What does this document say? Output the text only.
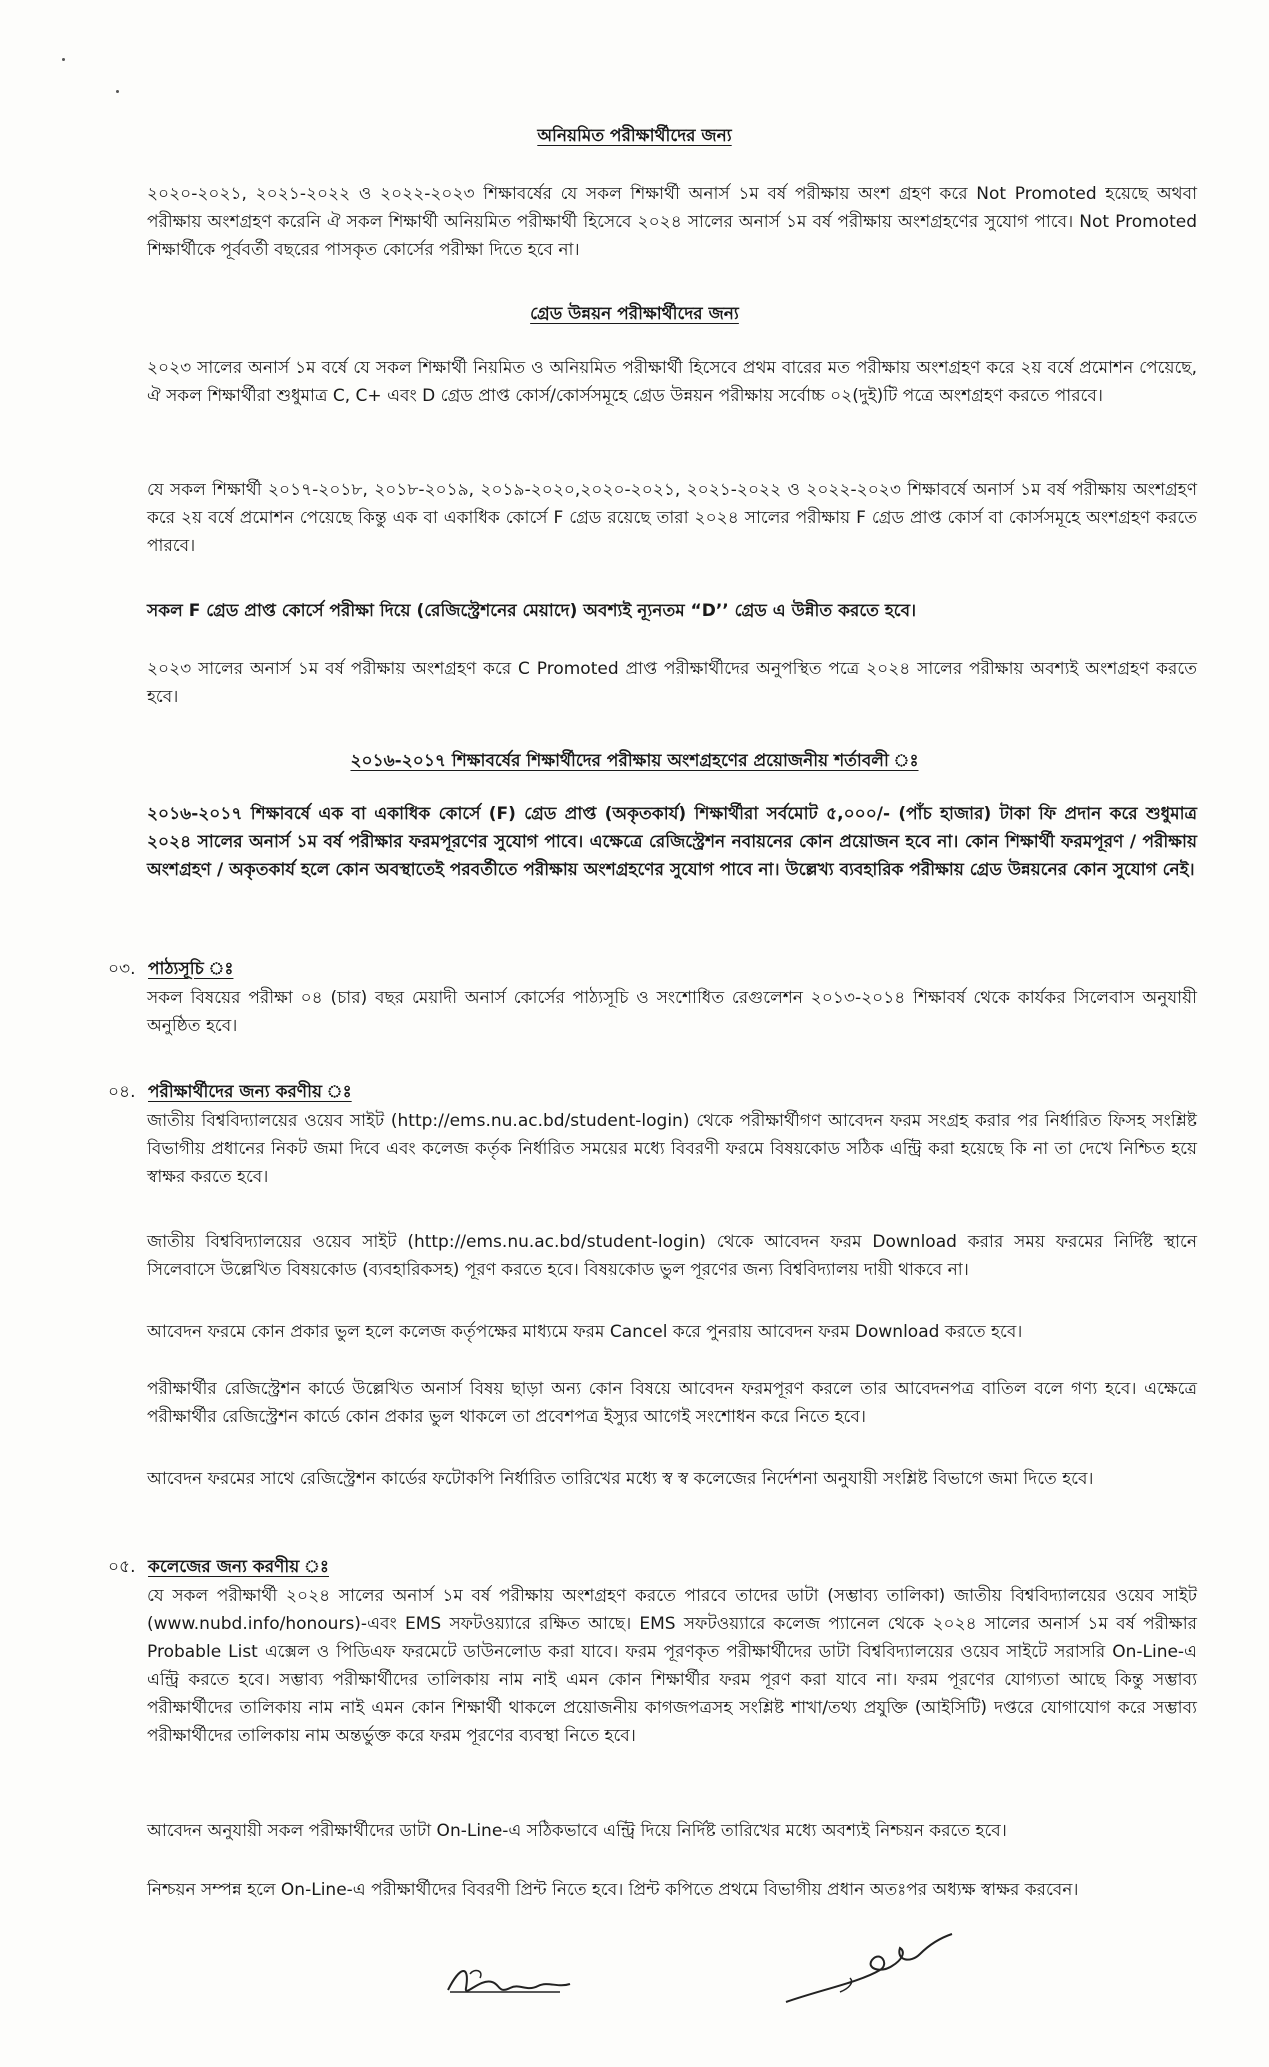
অনিয়মিত পরীক্ষার্থীদের জন্য
২০২০-২০২১, ২০২১-২০২২ ও ২০২২-২০২৩ শিক্ষাবর্ষের যে সকল শিক্ষার্থী অনার্স ১ম বর্ষ পরীক্ষায় অংশ গ্রহণ করে Not Promoted হয়েছে অথবা পরীক্ষায় অংশগ্রহণ করেনি ঐ সকল শিক্ষার্থী অনিয়মিত পরীক্ষার্থী হিসেবে ২০২৪ সালের অনার্স ১ম বর্ষ পরীক্ষায় অংশগ্রহণের সুযোগ পাবে। Not Promoted শিক্ষার্থীকে পূর্ববর্তী বছরের পাসকৃত কোর্সের পরীক্ষা দিতে হবে না।
গ্রেড উন্নয়ন পরীক্ষার্থীদের জন্য
২০২৩ সালের অনার্স ১ম বর্ষে যে সকল শিক্ষার্থী নিয়মিত ও অনিয়মিত পরীক্ষার্থী হিসেবে প্রথম বারের মত পরীক্ষায় অংশগ্রহণ করে ২য় বর্ষে প্রমোশন পেয়েছে, ঐ সকল শিক্ষার্থীরা শুধুমাত্র C, C+ এবং D গ্রেড প্রাপ্ত কোর্স/কোর্সসমূহে গ্রেড উন্নয়ন পরীক্ষায় সর্বোচ্চ ০২(দুই)টি পত্রে অংশগ্রহণ করতে পারবে।
যে সকল শিক্ষার্থী ২০১৭-২০১৮, ২০১৮-২০১৯, ২০১৯-২০২০,২০২০-২০২১, ২০২১-২০২২ ও ২০২২-২০২৩ শিক্ষাবর্ষে অনার্স ১ম বর্ষ পরীক্ষায় অংশগ্রহণ করে ২য় বর্ষে প্রমোশন পেয়েছে কিন্তু এক বা একাধিক কোর্সে F গ্রেড রয়েছে তারা ২০২৪ সালের পরীক্ষায় F গ্রেড প্রাপ্ত কোর্স বা কোর্সসমূহে অংশগ্রহণ করতে পারবে।
সকল F গ্রেড প্রাপ্ত কোর্সে পরীক্ষা দিয়ে (রেজিস্ট্রেশনের মেয়াদে) অবশ্যই ন্যূনতম “D’’ গ্রেড এ উন্নীত করতে হবে।
২০২৩ সালের অনার্স ১ম বর্ষ পরীক্ষায় অংশগ্রহণ করে C Promoted প্রাপ্ত পরীক্ষার্থীদের অনুপস্থিত পত্রে ২০২৪ সালের পরীক্ষায় অবশ্যই অংশগ্রহণ করতে হবে।
২০১৬-২০১৭ শিক্ষাবর্ষের শিক্ষার্থীদের পরীক্ষায় অংশগ্রহণের প্রয়োজনীয় শর্তাবলী ঃ
২০১৬-২০১৭ শিক্ষাবর্ষে এক বা একাধিক কোর্সে (F) গ্রেড প্রাপ্ত (অকৃতকার্য) শিক্ষার্থীরা সর্বমোট ৫,০০০/- (পাঁচ হাজার) টাকা ফি প্রদান করে শুধুমাত্র ২০২৪ সালের অনার্স ১ম বর্ষ পরীক্ষার ফরমপূরণের সুযোগ পাবে। এক্ষেত্রে রেজিস্ট্রেশন নবায়নের কোন প্রয়োজন হবে না। কোন শিক্ষার্থী ফরমপূরণ / পরীক্ষায় অংশগ্রহণ / অকৃতকার্য হলে কোন অবস্থাতেই পরবর্তীতে পরীক্ষায় অংশগ্রহণের সুযোগ পাবে না। উল্লেখ্য ব্যবহারিক পরীক্ষায় গ্রেড উন্নয়নের কোন সুযোগ নেই।
০৩. পাঠ্যসূচি ঃ
সকল বিষয়ের পরীক্ষা ০৪ (চার) বছর মেয়াদী অনার্স কোর্সের পাঠ্যসূচি ও সংশোধিত রেগুলেশন ২০১৩-২০১৪ শিক্ষাবর্ষ থেকে কার্যকর সিলেবাস অনুযায়ী অনুষ্ঠিত হবে।
০৪. পরীক্ষার্থীদের জন্য করণীয় ঃ
জাতীয় বিশ্ববিদ্যালয়ের ওয়েব সাইট (http://ems.nu.ac.bd/student-login) থেকে পরীক্ষার্থীগণ আবেদন ফরম সংগ্রহ করার পর নির্ধারিত ফিসহ সংশ্লিষ্ট বিভাগীয় প্রধানের নিকট জমা দিবে এবং কলেজ কর্তৃক নির্ধারিত সময়ের মধ্যে বিবরণী ফরমে বিষয়কোড সঠিক এন্ট্রি করা হয়েছে কি না তা দেখে নিশ্চিত হয়ে স্বাক্ষর করতে হবে।
জাতীয় বিশ্ববিদ্যালয়ের ওয়েব সাইট (http://ems.nu.ac.bd/student-login) থেকে আবেদন ফরম Download করার সময় ফরমের নির্দিষ্ট স্থানে সিলেবাসে উল্লেখিত বিষয়কোড (ব্যবহারিকসহ) পূরণ করতে হবে। বিষয়কোড ভুল পূরণের জন্য বিশ্ববিদ্যালয় দায়ী থাকবে না।
আবেদন ফরমে কোন প্রকার ভুল হলে কলেজ কর্তৃপক্ষের মাধ্যমে ফরম Cancel করে পুনরায় আবেদন ফরম Download করতে হবে।
পরীক্ষার্থীর রেজিস্ট্রেশন কার্ডে উল্লেখিত অনার্স বিষয় ছাড়া অন্য কোন বিষয়ে আবেদন ফরমপূরণ করলে তার আবেদনপত্র বাতিল বলে গণ্য হবে। এক্ষেত্রে পরীক্ষার্থীর রেজিস্ট্রেশন কার্ডে কোন প্রকার ভুল থাকলে তা প্রবেশপত্র ইস্যুর আগেই সংশোধন করে নিতে হবে।
আবেদন ফরমের সাথে রেজিস্ট্রেশন কার্ডের ফটোকপি নির্ধারিত তারিখের মধ্যে স্ব স্ব কলেজের নির্দেশনা অনুযায়ী সংশ্লিষ্ট বিভাগে জমা দিতে হবে।
০৫. কলেজের জন্য করণীয় ঃ
যে সকল পরীক্ষার্থী ২০২৪ সালের অনার্স ১ম বর্ষ পরীক্ষায় অংশগ্রহণ করতে পারবে তাদের ডাটা (সম্ভাব্য তালিকা) জাতীয় বিশ্ববিদ্যালয়ের ওয়েব সাইট (www.nubd.info/honours)-এবং EMS সফটওয়্যারে রক্ষিত আছে। EMS সফটওয়্যারে কলেজ প্যানেল থেকে ২০২৪ সালের অনার্স ১ম বর্ষ পরীক্ষার Probable List এক্সেল ও পিডিএফ ফরমেটে ডাউনলোড করা যাবে। ফরম পূরণকৃত পরীক্ষার্থীদের ডাটা বিশ্ববিদ্যালয়ের ওয়েব সাইটে সরাসরি On-Line-এ এন্ট্রি করতে হবে। সম্ভাব্য পরীক্ষার্থীদের তালিকায় নাম নাই এমন কোন শিক্ষার্থীর ফরম পূরণ করা যাবে না। ফরম পূরণের যোগ্যতা আছে কিন্তু সম্ভাব্য পরীক্ষার্থীদের তালিকায় নাম নাই এমন কোন শিক্ষার্থী থাকলে প্রয়োজনীয় কাগজপত্রসহ সংশ্লিষ্ট শাখা/তথ্য প্রযুক্তি (আইসিটি) দপ্তরে যোগাযোগ করে সম্ভাব্য পরীক্ষার্থীদের তালিকায় নাম অন্তর্ভুক্ত করে ফরম পূরণের ব্যবস্থা নিতে হবে।
আবেদন অনুযায়ী সকল পরীক্ষার্থীদের ডাটা On-Line-এ সঠিকভাবে এন্ট্রি দিয়ে নির্দিষ্ট তারিখের মধ্যে অবশ্যই নিশ্চয়ন করতে হবে।
নিশ্চয়ন সম্পন্ন হলে On-Line-এ পরীক্ষার্থীদের বিবরণী প্রিন্ট নিতে হবে। প্রিন্ট কপিতে প্রথমে বিভাগীয় প্রধান অতঃপর অধ্যক্ষ স্বাক্ষর করবেন।
